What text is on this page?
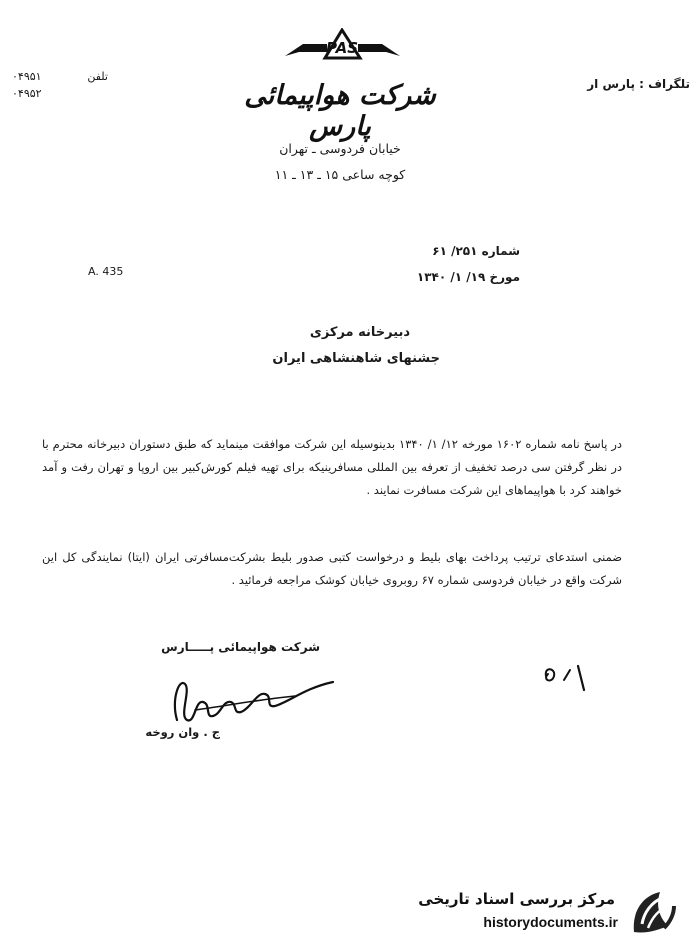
PAS
شرکت هواپیمائی پارس
خیابان فردوسی ـ تهران
کوچه ساعی ۱۵ ـ ۱۳ ـ ۱۱
تلفن
۰۴۹۵۱
۰۴۹۵۲
تلگراف : پارس ار
شماره ۲۵۱/ ۶۱
مورخ ۱۹/ ۱/ ۱۳۴۰
A. 435
دبیرخانه مرکزی
جشنهای شاهنشاهی ایران
در پاسخ نامه شماره ۱۶۰۲ مورخه ۱۲/ ۱/ ۱۳۴۰ بدینوسیله این شرکت موافقت مینماید که طبق دستوران دبیرخانه محترم با در نظر گرفتن سی درصد تخفیف از تعرفه بین المللی مسافرینیکه برای تهیه فیلم کورش‌کبیر بین اروپا و تهران رفت و آمد خواهند کرد با هواپیماهای این شرکت مسافرت نمایند .
ضمنی استدعای ترتیب پرداخت بهای بلیط و درخواست کتبی صدور بلیط بشرکت‌مسافرتی ایران (ایتا) نمایندگی کل این شرکت واقع در خیابان فردوسی شماره ۶۷ روبروی خیابان کوشک مراجعه فرمائید .
شرکت هواپیمائی پـــــارس
ج . وان روخه
مرکز بررسی اسناد تاریخی
historydocuments.ir
